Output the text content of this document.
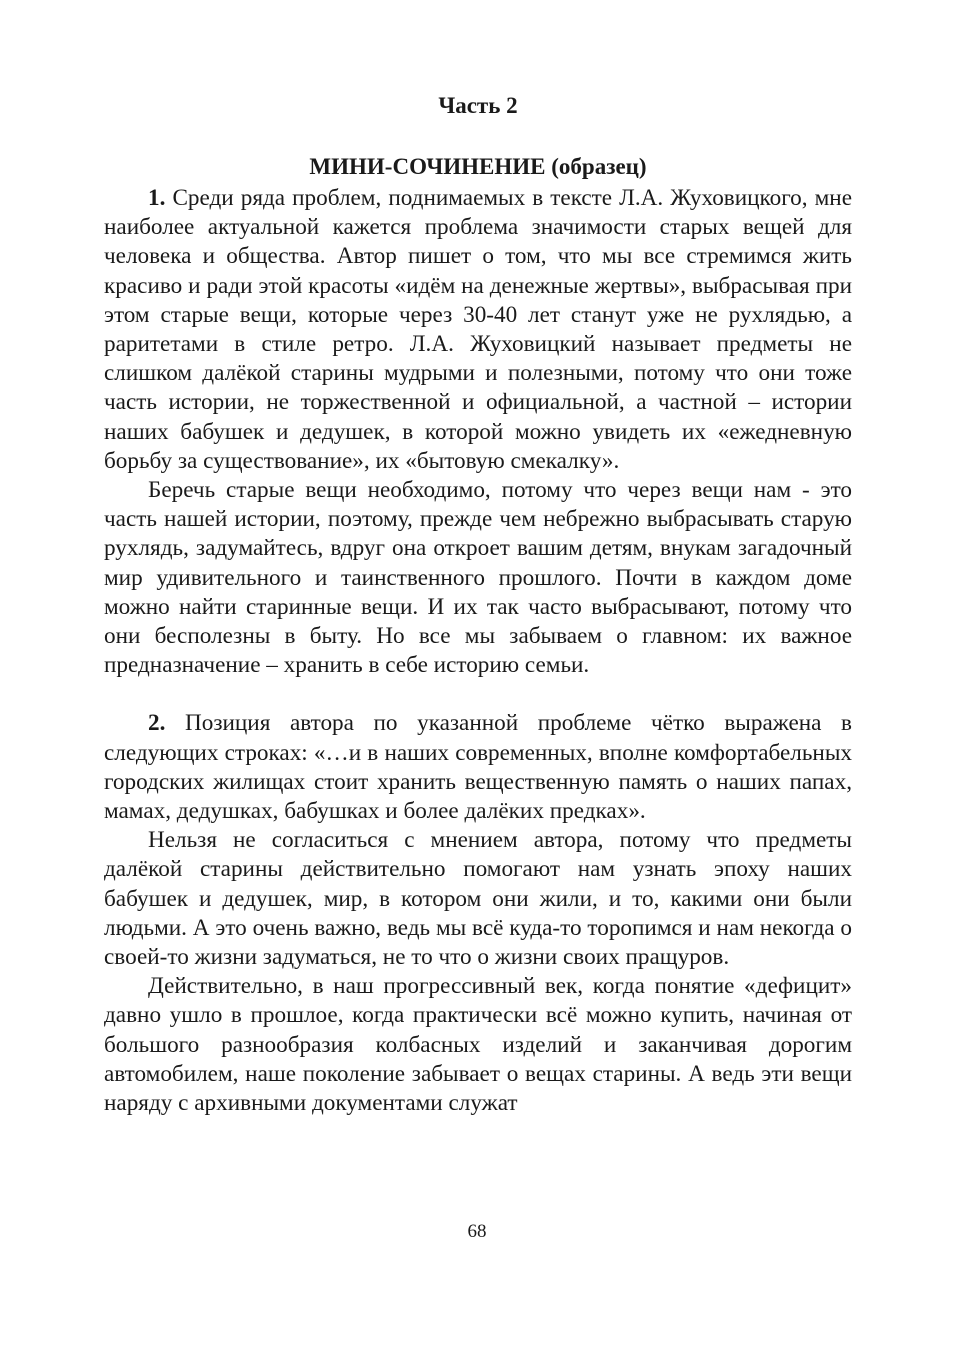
Часть 2
МИНИ-СОЧИНЕНИЕ (образец)

1. Среди ряда проблем, поднимаемых в тексте Л.А. Жуховицкого, мне наиболее актуальной кажется проблема значимости старых вещей для человека и общества. Автор пишет о том, что мы все стремимся жить красиво и ради этой красоты «идём на денежные жертвы», выбрасывая при этом старые вещи, которые через 30-40 лет станут уже не рухлядью, а раритетами в стиле ретро. Л.А. Жуховицкий называет предметы не слишком далёкой старины мудрыми и полезными, потому что они тоже часть истории, не торжественной и официальной, а частной – истории наших бабушек и дедушек, в которой можно увидеть их «ежедневную борьбу за существование», их «бытовую смекалку».

Беречь старые вещи необходимо, потому что через вещи нам - это часть нашей истории, поэтому, прежде чем небрежно выбрасывать старую рухлядь, задумайтесь, вдруг она откроет вашим детям, внукам загадочный мир удивительного и таинственного прошлого. Почти в каждом доме можно найти старинные вещи. И их так часто выбрасывают, потому что они бесполезны в быту. Но все мы забываем о главном: их важное предназначение – хранить в себе историю семьи.

2. Позиция автора по указанной проблеме чётко выражена в следующих строках: «…и в наших современных, вполне комфортабельных городских жилищах стоит хранить вещественную память о наших папах, мамах, дедушках, бабушках и более далёких предках».

Нельзя не согласиться с мнением автора, потому что предметы далёкой старины действительно помогают нам узнать эпоху наших бабушек и дедушек, мир, в котором они жили, и то, какими они были людьми. А это очень важно, ведь мы всё куда-то торопимся и нам некогда о своей-то жизни задуматься, не то что о жизни своих пращуров.

Действительно, в наш прогрессивный век, когда понятие «дефицит» давно ушло в прошлое, когда практически всё можно купить, начиная от большого разнообразия колбасных изделий и заканчивая дорогим автомобилем, наше поколение забывает о вещах старины. А ведь эти вещи наряду с архивными документами служат

68
